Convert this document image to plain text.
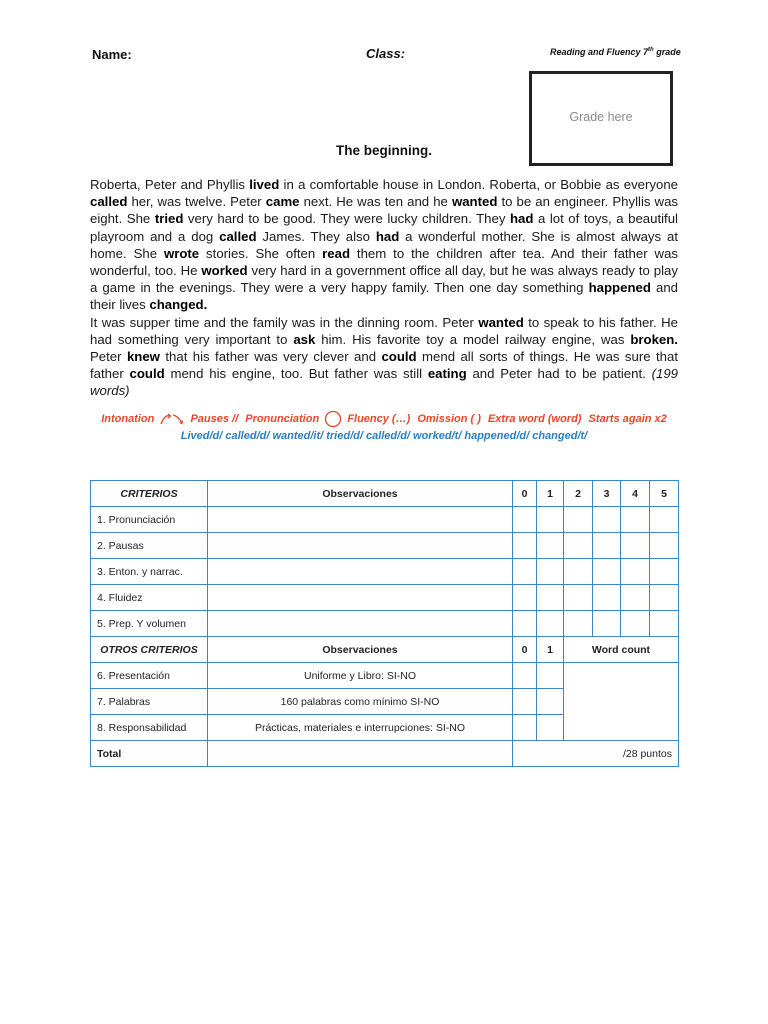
Name:	Class:	Reading and Fluency 7th grade
Grade here
The beginning.
Roberta, Peter and Phyllis lived in a comfortable house in London. Roberta, or Bobbie as everyone called her, was twelve. Peter came next. He was ten and he wanted to be an engineer. Phyllis was eight. She tried very hard to be good. They were lucky children. They had a lot of toys, a beautiful playroom and a dog called James. They also had a wonderful mother. She is almost always at home. She wrote stories. She often read them to the children after tea. And their father was wonderful, too. He worked very hard in a government office all day, but he was always ready to play a game in the evenings. They were a very happy family. Then one day something happened and their lives changed.
It was supper time and the family was in the dinning room. Peter wanted to speak to his father. He had something very important to ask him. His favorite toy a model railway engine, was broken. Peter knew that his father was very clever and could mend all sorts of things. He was sure that father could mend his engine, too. But father was still eating and Peter had to be patient. (199 words)
Intonation	Pauses // Pronunciation	Fluency (…) Omission ( ) Extra word (word) Starts again x2
Lived/d/ called/d/ wanted/it/ tried/d/ called/d/ worked/t/ happened/d/ changed/t/
CRITERIOS	Observaciones	0	1	2	3	4	5
1. Pronunciación							
2. Pausas							
3. Enton. y narrac.							
4. Fluidez							
5. Prep. Y volumen							
OTROS CRITERIOS	Observaciones	0	1	Word count			
6. Presentación	Uniforme y Libro: SI-NO						
7. Palabras	160 palabras como mínimo SI-NO						
8. Responsabilidad	Prácticas, materiales e interrupciones: SI-NO						
Total		/28 puntos					
